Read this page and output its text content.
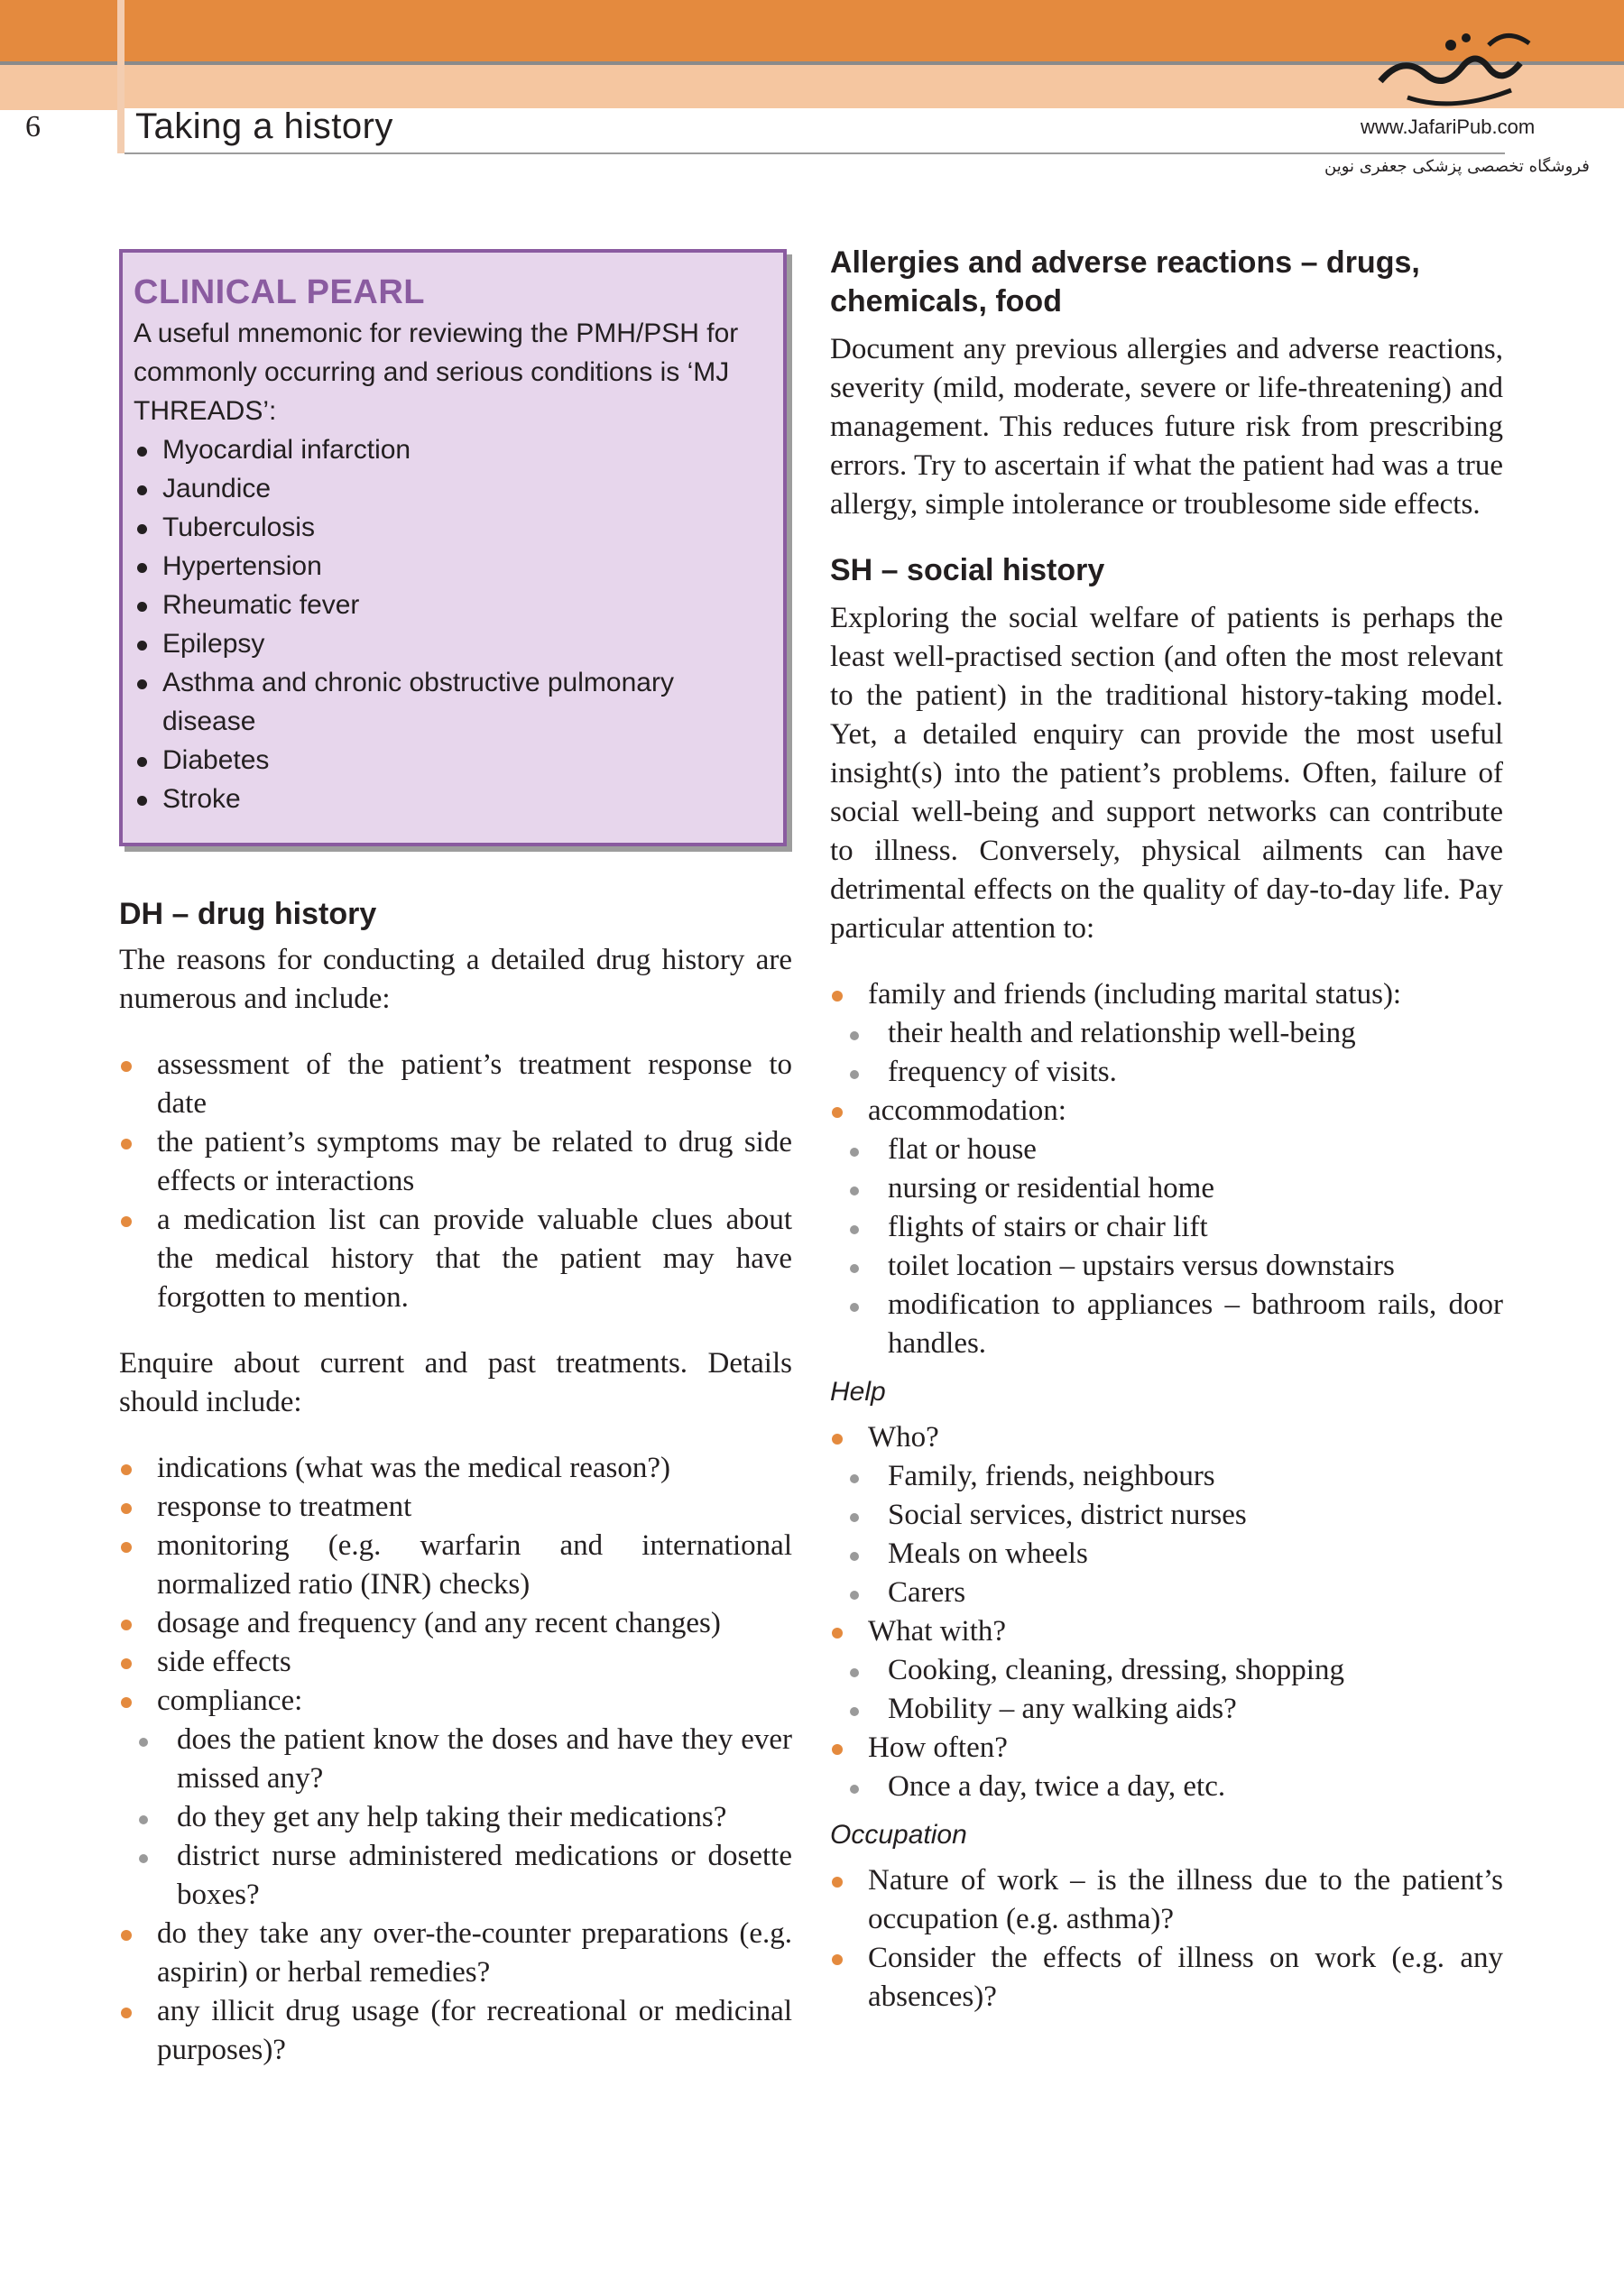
6	Taking a history	www.JafariPub.com
فروشگاه تخصصی پزشکی جعفری نوین
CLINICAL PEARL
A useful mnemonic for reviewing the PMH/PSH for commonly occurring and serious conditions is ‘MJ THREADS’:
Myocardial infarction
Jaundice
Tuberculosis
Hypertension
Rheumatic fever
Epilepsy
Asthma and chronic obstructive pulmonary disease
Diabetes
Stroke
DH – drug history

The reasons for conducting a detailed drug history are numerous and include:

assessment of the patient’s treatment response to date
the patient’s symptoms may be related to drug side effects or interactions
a medication list can provide valuable clues about the medical history that the patient may have forgotten to mention.

Enquire about current and past treatments. Details should include:

indications (what was the medical reason?)
response to treatment
monitoring (e.g. warfarin and international normalized ratio (INR) checks)
dosage and frequency (and any recent changes)
side effects
compliance:
does the patient know the doses and have they ever missed any?
do they get any help taking their medications?
district nurse administered medications or dosette boxes?
do they take any over-the-counter preparations (e.g. aspirin) or herbal remedies?
any illicit drug usage (for recreational or medicinal purposes)?
Allergies and adverse reactions – drugs, chemicals, food

Document any previous allergies and adverse reactions, severity (mild, moderate, severe or life-threatening) and management. This reduces future risk from prescribing errors. Try to ascertain if what the patient had was a true allergy, simple intolerance or troublesome side effects.

SH – social history

Exploring the social welfare of patients is perhaps the least well-practised section (and often the most relevant to the patient) in the traditional history-taking model. Yet, a detailed enquiry can provide the most useful insight(s) into the patient’s problems. Often, failure of social well-being and support networks can contribute to illness. Conversely, physical ailments can have detrimental effects on the quality of day-to-day life. Pay particular attention to:

family and friends (including marital status):
their health and relationship well-being
frequency of visits.
accommodation:
flat or house
nursing or residential home
flights of stairs or chair lift
toilet location – upstairs versus downstairs
modification to appliances – bathroom rails, door handles.
Help
Who?
Family, friends, neighbours
Social services, district nurses
Meals on wheels
Carers
What with?
Cooking, cleaning, dressing, shopping
Mobility – any walking aids?
How often?
Once a day, twice a day, etc.
Occupation
Nature of work – is the illness due to the patient’s occupation (e.g. asthma)?
Consider the effects of illness on work (e.g. any absences)?
